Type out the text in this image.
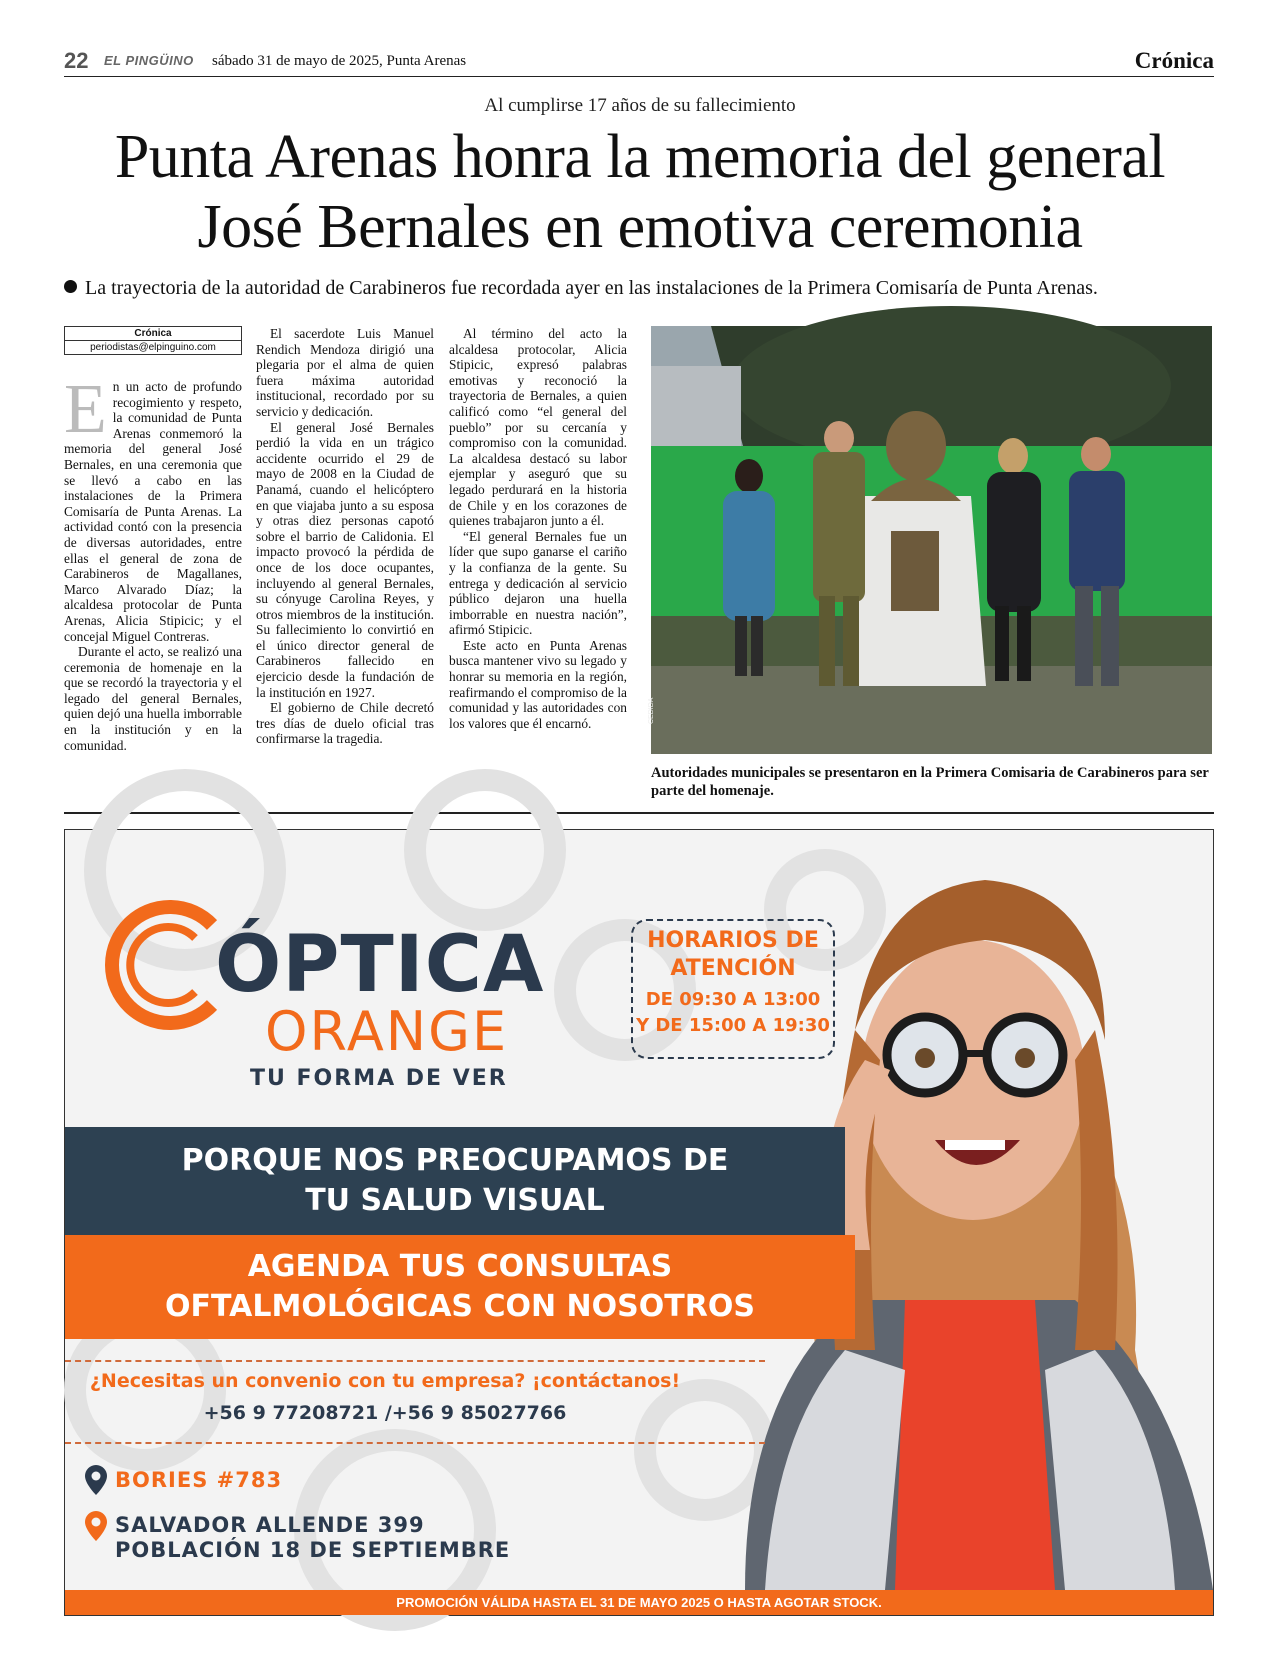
22 EL PINGÜINO sábado 31 de mayo de 2025, Punta Arenas	Crónica
Al cumplirse 17 años de su fallecimiento
Punta Arenas honra la memoria del general
José Bernales en emotiva ceremonia
La trayectoria de la autoridad de Carabineros fue recordada ayer en las instalaciones de la Primera Comisaría de Punta Arenas.
Crónica
periodistas@elpinguino.com
E n un acto de profundo recogimiento y respeto, la comunidad de Punta Arenas conmemoró la memoria del general José Bernales, en una ceremonia que se llevó a cabo en las instalaciones de la Primera Comisaría de Punta Arenas. La actividad contó con la presencia de diversas autoridades, entre ellas el general de zona de Carabineros de Magallanes, Marco Alvarado Díaz; la alcaldesa protocolar de Punta Arenas, Alicia Stipicic; y el concejal Miguel Contreras.

Durante el acto, se realizó una ceremonia de homenaje en la que se recordó la trayectoria y el legado del general Bernales, quien dejó una huella imborrable en la institución y en la comunidad.

El sacerdote Luis Manuel Rendich Mendoza dirigió una plegaria por el alma de quien fuera máxima autoridad institucional, recordado por su servicio y dedicación.

El general José Bernales perdió la vida en un trágico accidente ocurrido el 29 de mayo de 2008 en la Ciudad de Panamá, cuando el helicóptero en que viajaba junto a su esposa y otras diez personas capotó sobre el barrio de Calidonia. El impacto provocó la pérdida de once de los doce ocupantes, incluyendo al general Bernales, su cónyuge Carolina Reyes, y otros miembros de la institución. Su fallecimiento lo convirtió en el único director general de Carabineros fallecido en ejercicio desde la fundación de la institución en 1927.

El gobierno de Chile decretó tres días de duelo oficial tras confirmarse la tragedia.

Al término del acto la alcaldesa protocolar, Alicia Stipicic, expresó palabras emotivas y reconoció la trayectoria de Bernales, a quien calificó como “el general del pueblo” por su cercanía y compromiso con la comunidad. La alcaldesa destacó su labor ejemplar y aseguró que su legado perdurará en la historia de Chile y en los corazones de quienes trabajaron junto a él.

“El general Bernales fue un líder que supo ganarse el cariño y la confianza de la gente. Su entrega y dedicación al servicio público dejaron una huella imborrable en nuestra nación”, afirmó Stipicic.

Este acto en Punta Arenas busca mantener vivo su legado y honrar su memoria en la región, reafirmando el compromiso de la comunidad y las autoridades con los valores que él encarnó.	CEDIDA
Autoridades municipales se presentaron en la Primera Comisaria de Carabineros para ser parte del homenaje.
ÓPTICA
ORANGE
TU FORMA DE VER
HORARIOS DE
ATENCIÓN
DE 09:30 A 13:00
Y DE 15:00 A 19:30
PORQUE NOS PREOCUPAMOS DE
TU SALUD VISUAL
AGENDA TUS CONSULTAS
OFTALMOLÓGICAS CON NOSOTROS
¿Necesitas un convenio con tu empresa? ¡contáctanos!
+56 9 77208721 /+56 9 85027766
BORIES #783
SALVADOR ALLENDE 399
POBLACIÓN 18 DE SEPTIEMBRE
PROMOCIÓN VÁLIDA HASTA EL 31 DE MAYO 2025 O HASTA AGOTAR STOCK.
